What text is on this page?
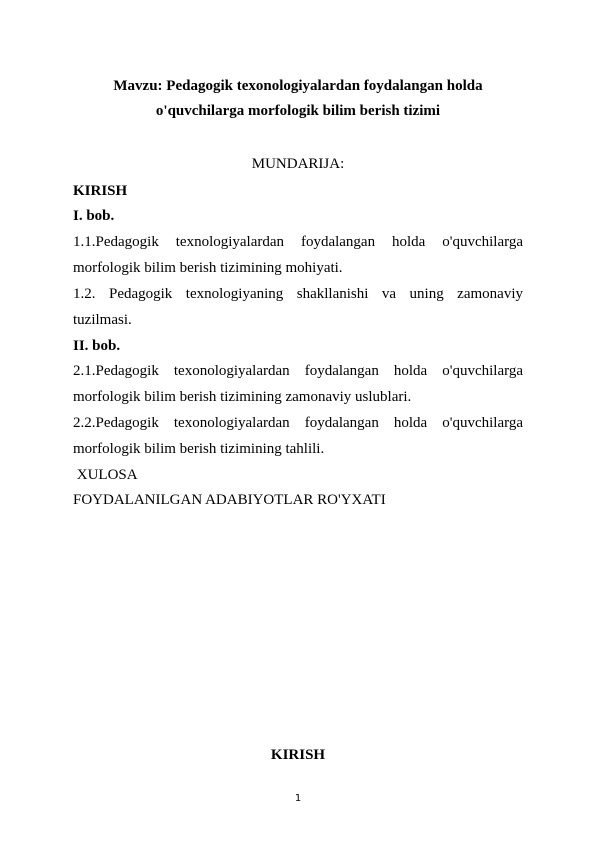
Mavzu: Pedagogik texonologiyalardan foydalangan holda
o'quvchilarga morfologik bilim berish tizimi
MUNDARIJA:
KIRISH
I. bob.
1.1.Pedagogik texnologiyalardan foydalangan holda o'quvchilarga
morfologik bilim berish tizimining mohiyati.
1.2. Pedagogik texnologiyaning shakllanishi va uning zamonaviy
tuzilmasi.
II. bob.
2.1.Pedagogik texonologiyalardan foydalangan holda o'quvchilarga
morfologik bilim berish tizimining zamonaviy uslublari.
2.2.Pedagogik texonologiyalardan foydalangan holda o'quvchilarga
morfologik bilim berish tizimining tahlili.
XULOSA
FOYDALANILGAN ADABIYOTLAR RO'YXATI
KIRISH
1
